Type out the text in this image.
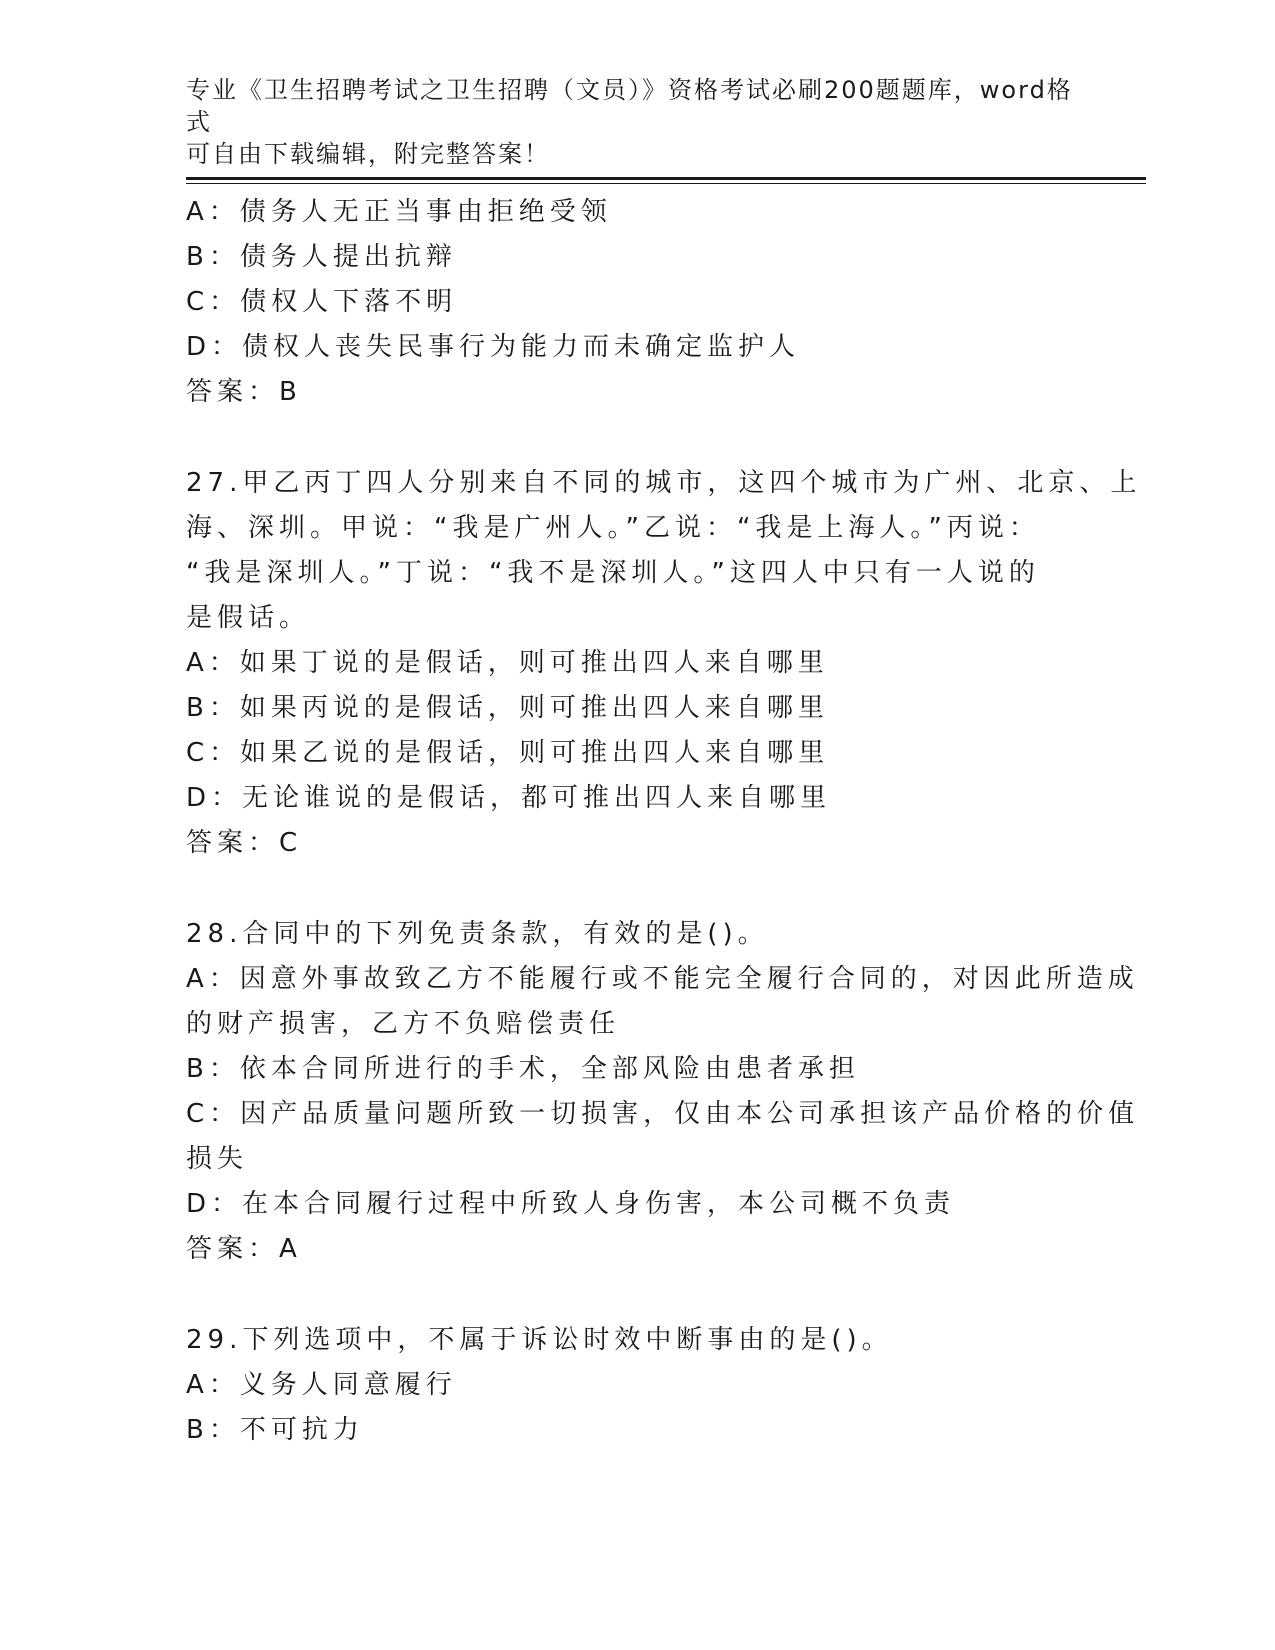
专业《卫生招聘考试之卫生招聘（文员）》资格考试必刷200题题库，word格式
可自由下载编辑，附完整答案！
A：债务人无正当事由拒绝受领
B：债务人提出抗辩
C：债权人下落不明
D：债权人丧失民事行为能力而未确定监护人
答案：B
27.甲乙丙丁四人分别来自不同的城市，这四个城市为广州、北京、上
海、深圳。甲说：“我是广州人。”乙说：“我是上海人。”丙说：
“我是深圳人。”丁说：“我不是深圳人。”这四人中只有一人说的
是假话。
A：如果丁说的是假话，则可推出四人来自哪里
B：如果丙说的是假话，则可推出四人来自哪里
C：如果乙说的是假话，则可推出四人来自哪里
D：无论谁说的是假话，都可推出四人来自哪里
答案：C
28.合同中的下列免责条款，有效的是()。
A：因意外事故致乙方不能履行或不能完全履行合同的，对因此所造成
的财产损害，乙方不负赔偿责任
B：依本合同所进行的手术，全部风险由患者承担
C：因产品质量问题所致一切损害，仅由本公司承担该产品价格的价值
损失
D：在本合同履行过程中所致人身伤害，本公司概不负责
答案：A
29.下列选项中，不属于诉讼时效中断事由的是()。
A：义务人同意履行
B：不可抗力
